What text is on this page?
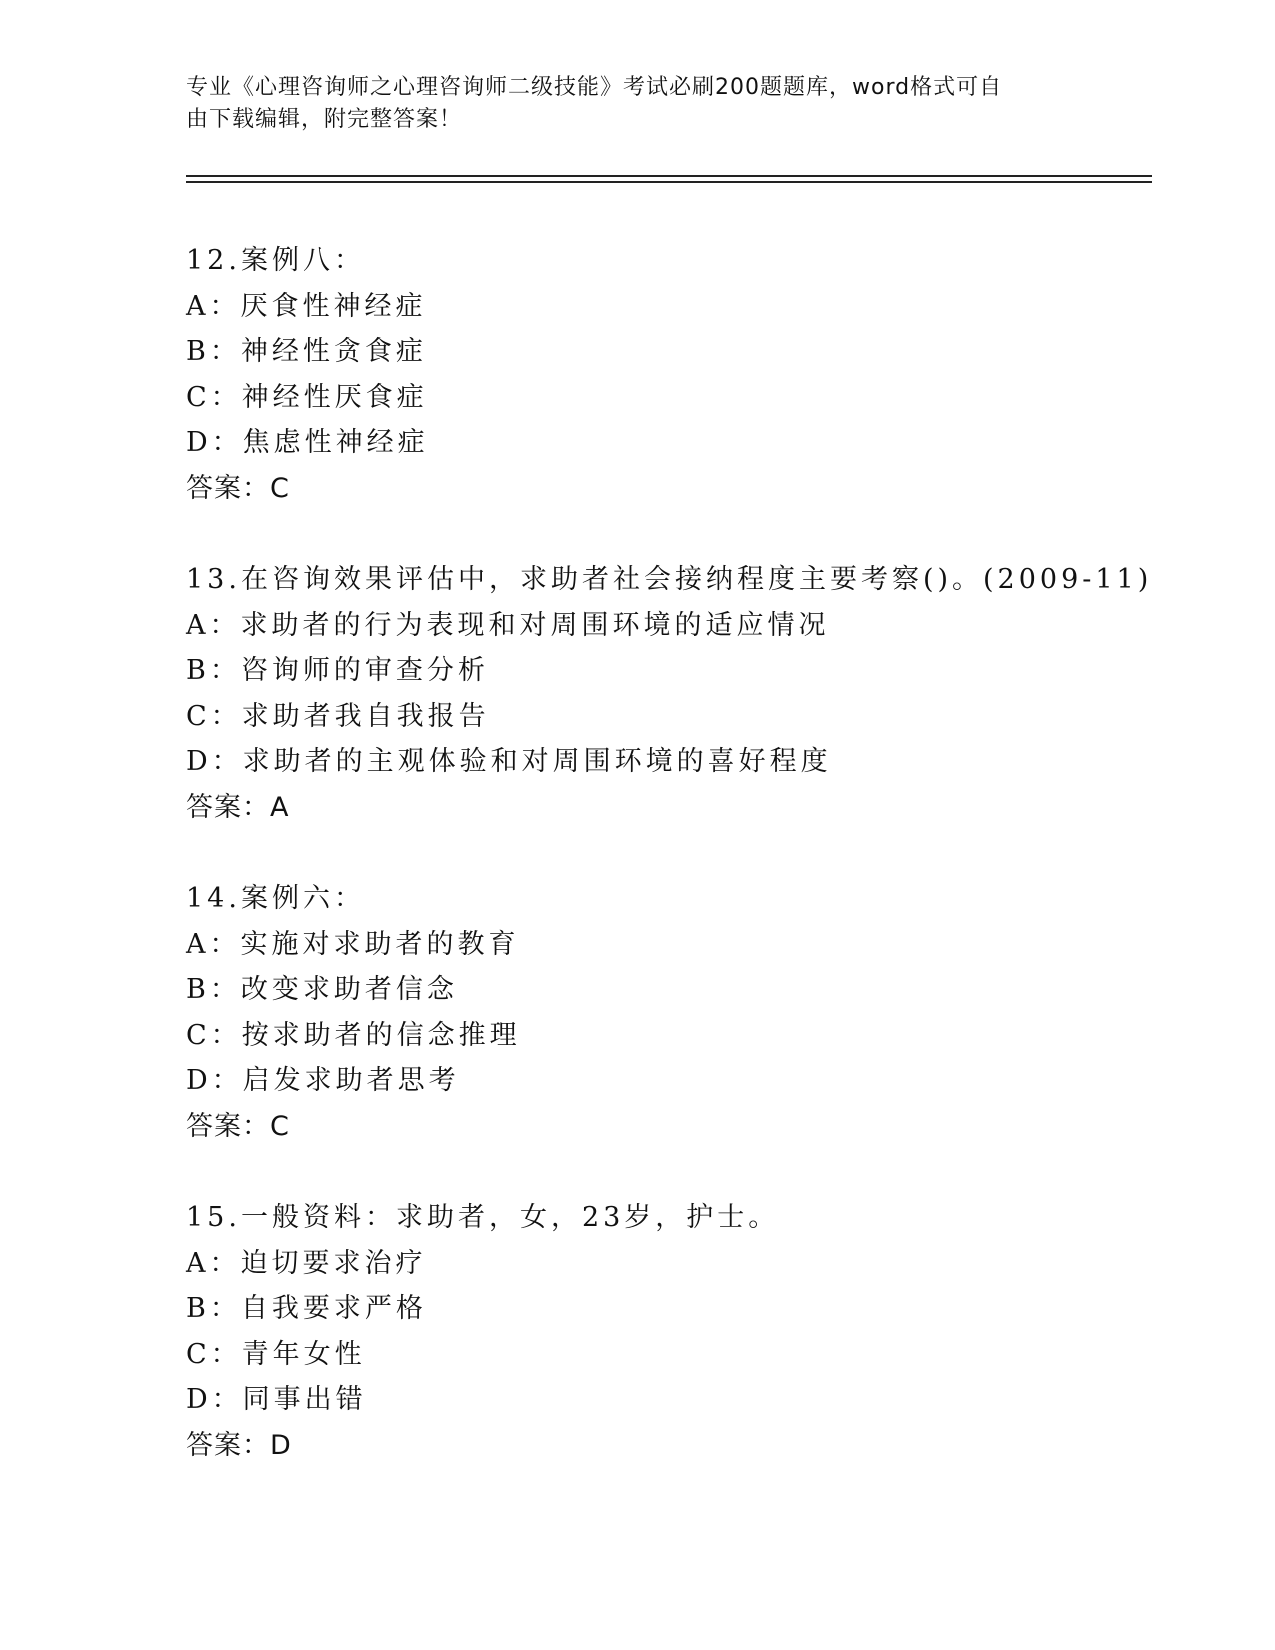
专业《心理咨询师之心理咨询师二级技能》考试必刷200题题库，word格式可自
由下载编辑，附完整答案！
12.案例八：
A：厌食性神经症
B：神经性贪食症
C：神经性厌食症
D：焦虑性神经症
答案：C
13.在咨询效果评估中，求助者社会接纳程度主要考察()。(2009-11)
A：求助者的行为表现和对周围环境的适应情况
B：咨询师的审查分析
C：求助者我自我报告
D：求助者的主观体验和对周围环境的喜好程度
答案：A
14.案例六：
A：实施对求助者的教育
B：改变求助者信念
C：按求助者的信念推理
D：启发求助者思考
答案：C
15.一般资料：求助者，女，23岁，护士。
A：迫切要求治疗
B：自我要求严格
C：青年女性
D：同事出错
答案：D
